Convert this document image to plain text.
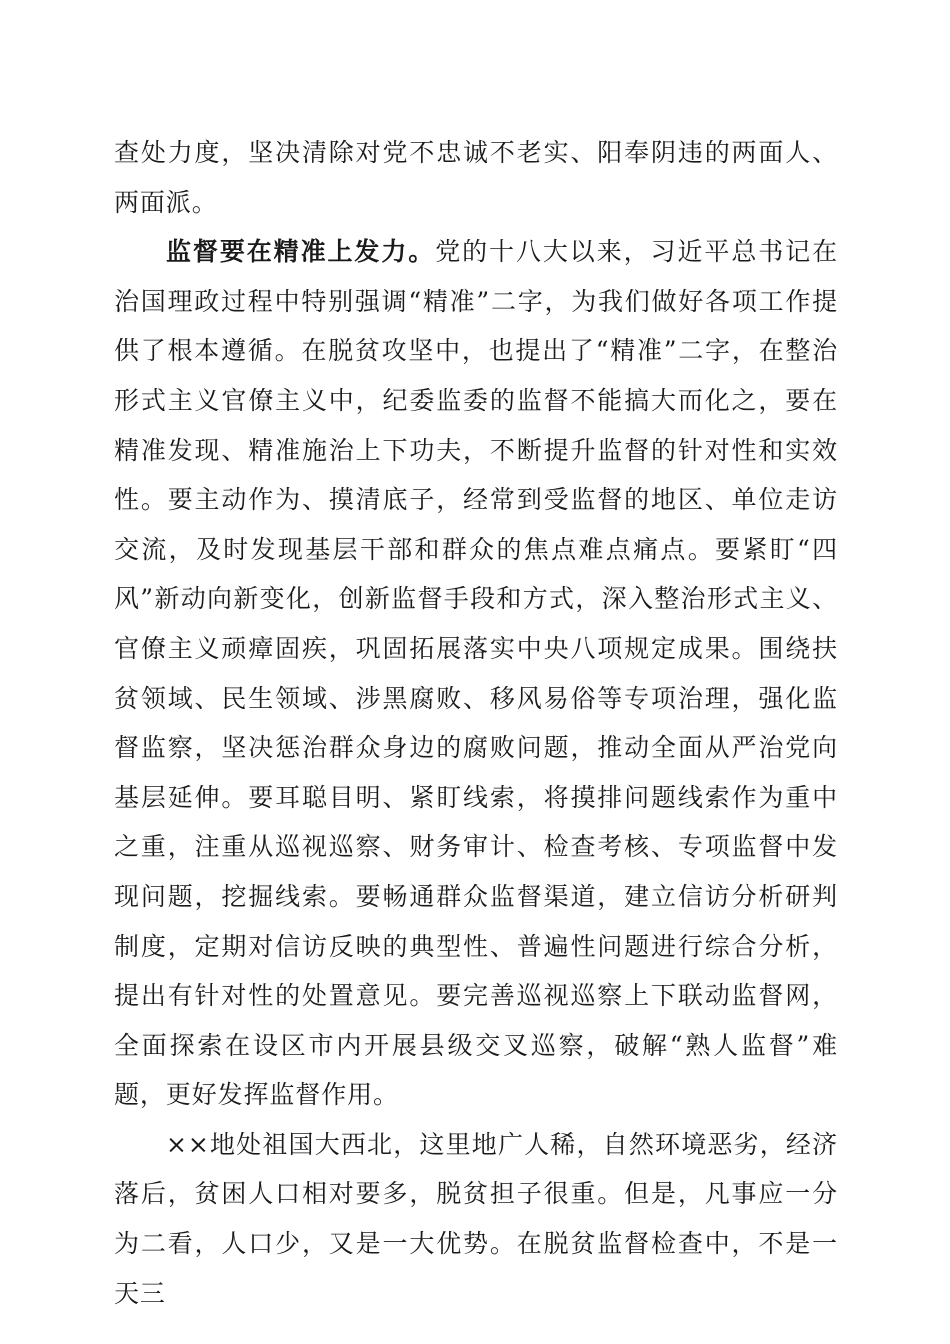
查处力度，坚决清除对党不忠诚不老实、阳奉阴违的两面人、两面派。

监督要在精准上发力。党的十八大以来，习近平总书记在治国理政过程中特别强调“精准”二字，为我们做好各项工作提供了根本遵循。在脱贫攻坚中，也提出了“精准”二字，在整治形式主义官僚主义中，纪委监委的监督不能搞大而化之，要在精准发现、精准施治上下功夫，不断提升监督的针对性和实效性。要主动作为、摸清底子，经常到受监督的地区、单位走访交流，及时发现基层干部和群众的焦点难点痛点。要紧盯“四风”新动向新变化，创新监督手段和方式，深入整治形式主义、官僚主义顽瘴固疾，巩固拓展落实中央八项规定成果。围绕扶贫领域、民生领域、涉黑腐败、移风易俗等专项治理，强化监督监察，坚决惩治群众身边的腐败问题，推动全面从严治党向基层延伸。要耳聪目明、紧盯线索，将摸排问题线索作为重中之重，注重从巡视巡察、财务审计、检查考核、专项监督中发现问题，挖掘线索。要畅通群众监督渠道，建立信访分析研判制度，定期对信访反映的典型性、普遍性问题进行综合分析，提出有针对性的处置意见。要完善巡视巡察上下联动监督网，全面探索在设区市内开展县级交叉巡察，破解“熟人监督”难题，更好发挥监督作用。

××地处祖国大西北，这里地广人稀，自然环境恶劣，经济落后，贫困人口相对要多，脱贫担子很重。但是，凡事应一分为二看，人口少，又是一大优势。在脱贫监督检查中，不是一天三
